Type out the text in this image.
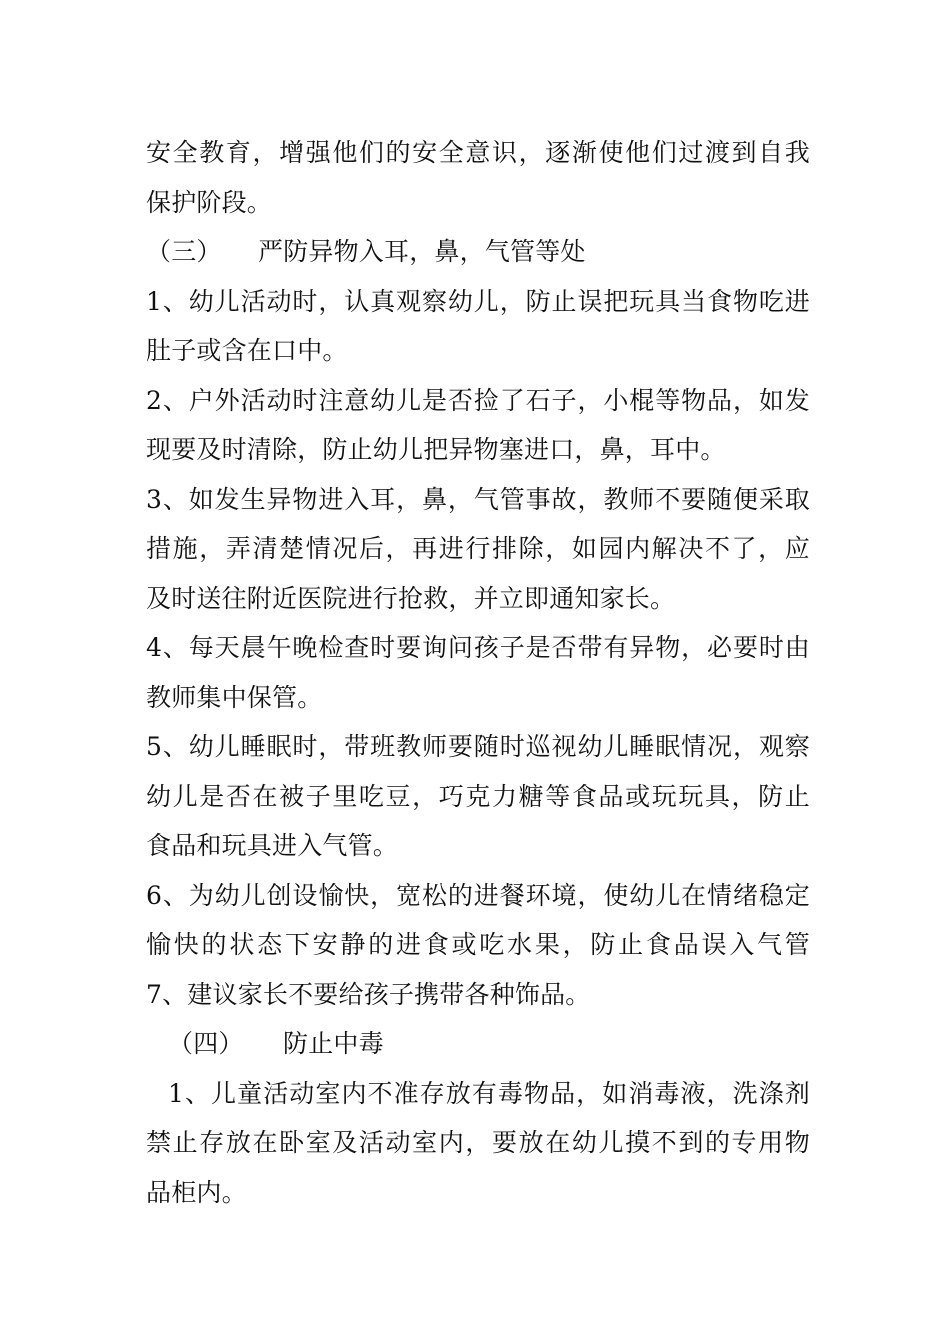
安全教育，增强他们的安全意识，逐渐使他们过渡到自我
保护阶段。
（三） 严防异物入耳，鼻，气管等处
1、幼儿活动时，认真观察幼儿，防止误把玩具当食物吃进
肚子或含在口中。
2、户外活动时注意幼儿是否捡了石子，小棍等物品，如发
现要及时清除，防止幼儿把异物塞进口，鼻，耳中。
3、如发生异物进入耳，鼻，气管事故，教师不要随便采取
措施，弄清楚情况后，再进行排除，如园内解决不了，应
及时送往附近医院进行抢救，并立即通知家长。
4、每天晨午晚检查时要询问孩子是否带有异物，必要时由
教师集中保管。
5、幼儿睡眠时，带班教师要随时巡视幼儿睡眠情况，观察
幼儿是否在被子里吃豆，巧克力糖等食品或玩玩具，防止
食品和玩具进入气管。
6、为幼儿创设愉快，宽松的进餐环境，使幼儿在情绪稳定
愉快的状态下安静的进食或吃水果，防止食品误入气管
7、建议家长不要给孩子携带各种饰品。
（四） 防止中毒
1、儿童活动室内不准存放有毒物品，如消毒液，洗涤剂
禁止存放在卧室及活动室内，要放在幼儿摸不到的专用物
品柜内。
